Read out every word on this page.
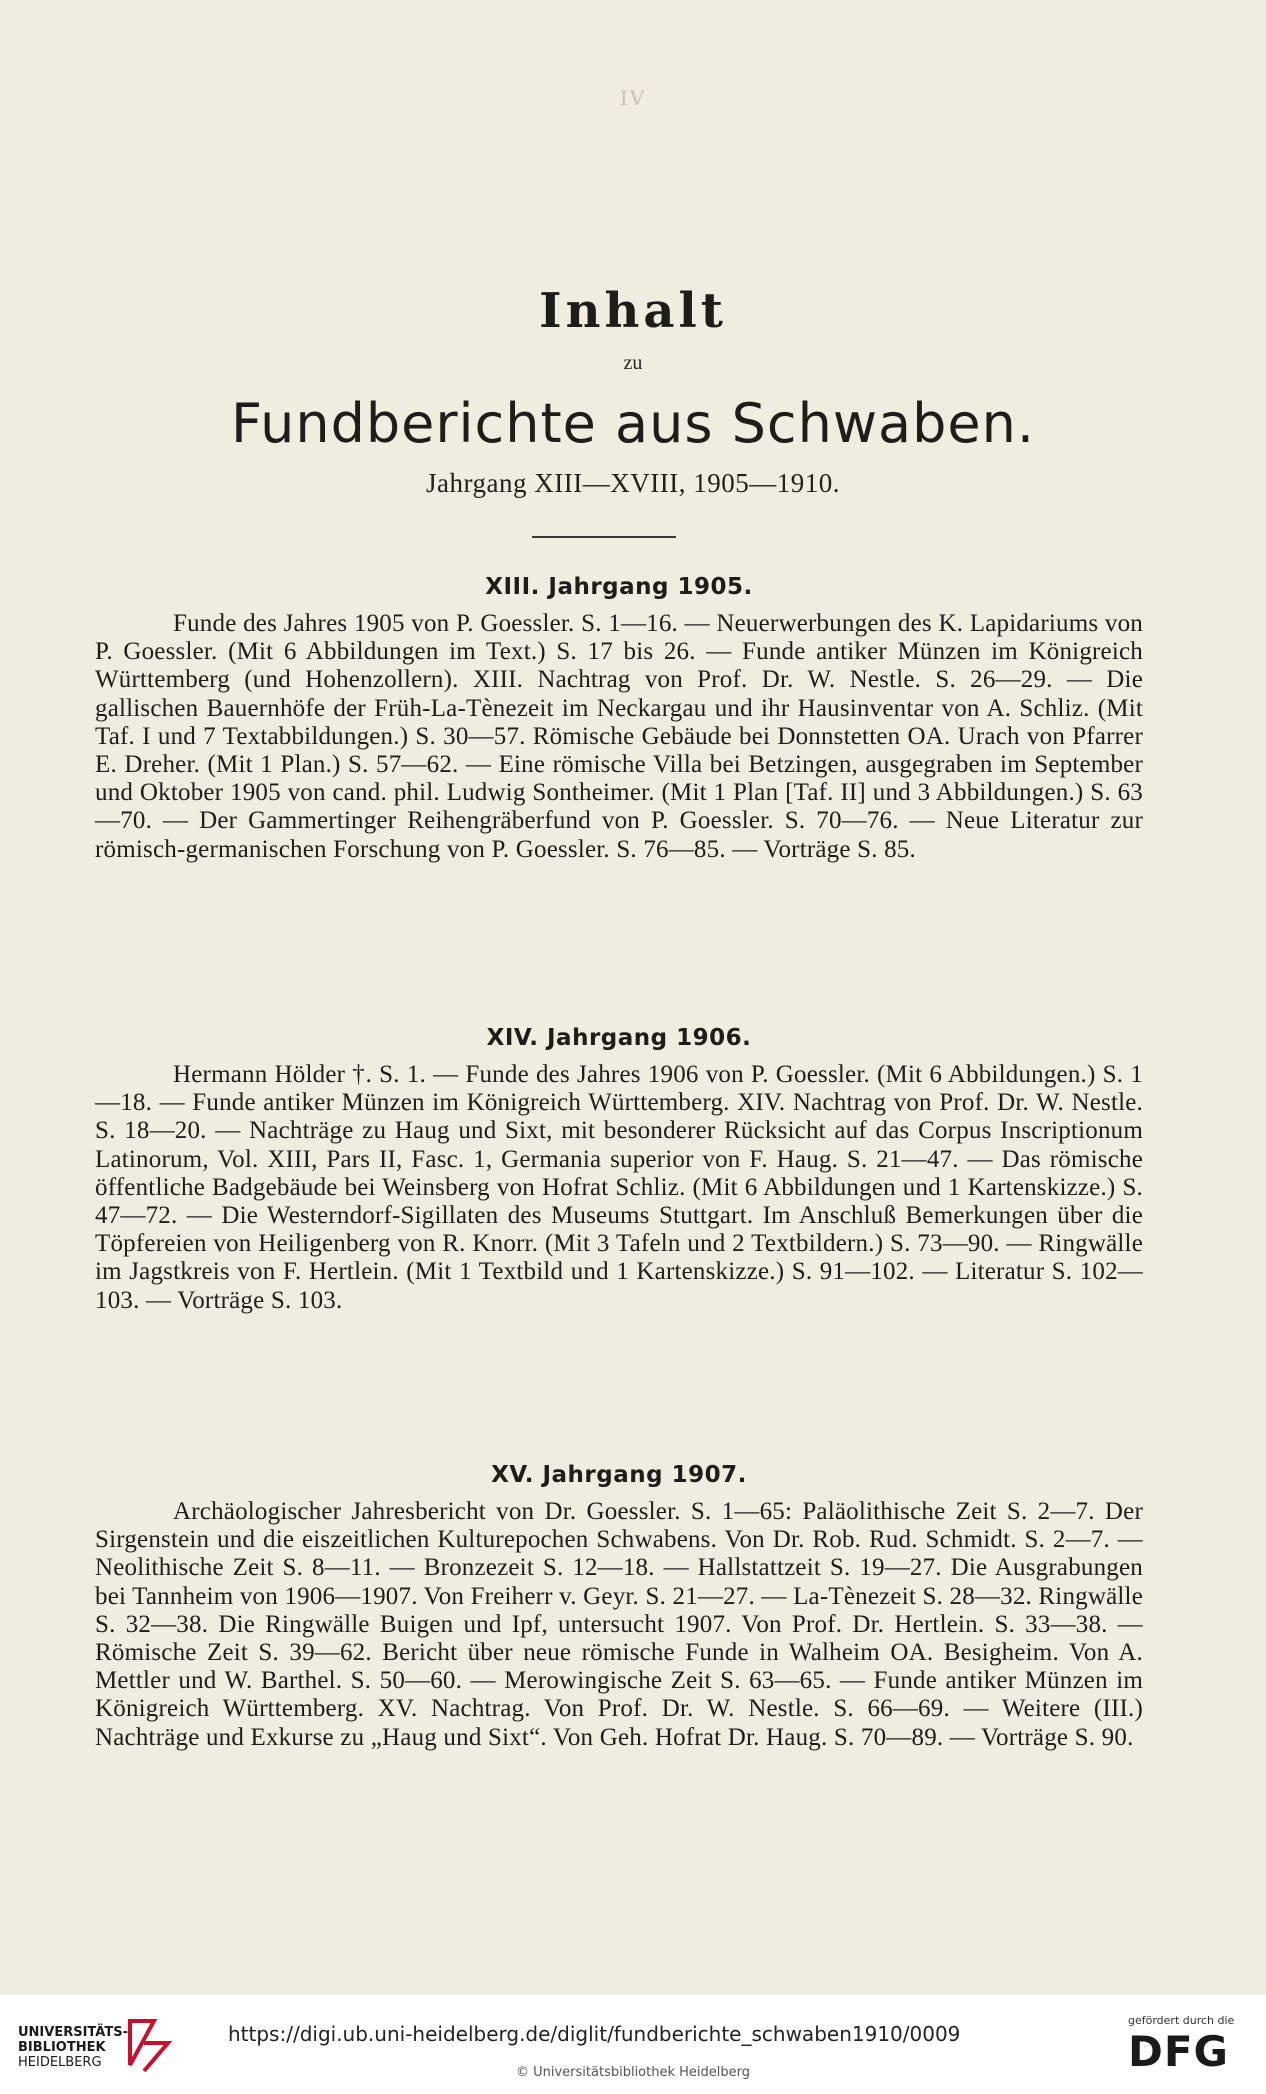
IV
Inhalt
zu
Fundberichte aus Schwaben.
Jahrgang XIII—XVIII, 1905—1910.
XIII. Jahrgang 1905.

Funde des Jahres 1905 von P. Goessler. S. 1—16. — Neuerwerbungen des K. Lapidariums von P. Goessler. (Mit 6 Abbildungen im Text.) S. 17 bis 26. — Funde antiker Münzen im Königreich Württemberg (und Hohenzollern). XIII. Nachtrag von Prof. Dr. W. Nestle. S. 26—29. — Die gallischen Bauernhöfe der Früh-La-Tènezeit im Neckargau und ihr Hausinventar von A. Schliz. (Mit Taf. I und 7 Textabbildungen.) S. 30—57. Römische Gebäude bei Donnstetten OA. Urach von Pfarrer E. Dreher. (Mit 1 Plan.) S. 57—62. — Eine römische Villa bei Betzingen, ausgegraben im September und Oktober 1905 von cand. phil. Ludwig Sontheimer. (Mit 1 Plan [Taf. II] und 3 Abbildungen.) S. 63—70. — Der Gammertinger Reihengräberfund von P. Goessler. S. 70—76. — Neue Literatur zur römisch-germanischen Forschung von P. Goessler. S. 76—85. — Vorträge S. 85.

XIV. Jahrgang 1906.

Hermann Hölder †. S. 1. — Funde des Jahres 1906 von P. Goessler. (Mit 6 Abbildungen.) S. 1—18. — Funde antiker Münzen im Königreich Württemberg. XIV. Nachtrag von Prof. Dr. W. Nestle. S. 18—20. — Nachträge zu Haug und Sixt, mit besonderer Rücksicht auf das Corpus Inscriptionum Latinorum, Vol. XIII, Pars II, Fasc. 1, Germania superior von F. Haug. S. 21—47. — Das römische öffentliche Badgebäude bei Weinsberg von Hofrat Schliz. (Mit 6 Abbildungen und 1 Kartenskizze.) S. 47—72. — Die Westerndorf-Sigillaten des Museums Stuttgart. Im Anschluß Bemerkungen über die Töpfereien von Heiligenberg von R. Knorr. (Mit 3 Tafeln und 2 Textbildern.) S. 73—90. — Ringwälle im Jagstkreis von F. Hertlein. (Mit 1 Textbild und 1 Kartenskizze.) S. 91—102. — Literatur S. 102—103. — Vorträge S. 103.

XV. Jahrgang 1907.

Archäologischer Jahresbericht von Dr. Goessler. S. 1—65: Paläolithische Zeit S. 2—7. Der Sirgenstein und die eiszeitlichen Kulturepochen Schwabens. Von Dr. Rob. Rud. Schmidt. S. 2—7. — Neolithische Zeit S. 8—11. — Bronzezeit S. 12—18. — Hallstattzeit S. 19—27. Die Ausgrabungen bei Tannheim von 1906—1907. Von Freiherr v. Geyr. S. 21—27. — La-Tènezeit S. 28—32. Ringwälle S. 32—38. Die Ringwälle Buigen und Ipf, untersucht 1907. Von Prof. Dr. Hertlein. S. 33—38. — Römische Zeit S. 39—62. Bericht über neue römische Funde in Walheim OA. Besigheim. Von A. Mettler und W. Barthel. S. 50—60. — Merowingische Zeit S. 63—65. — Funde antiker Münzen im Königreich Württemberg. XV. Nachtrag. Von Prof. Dr. W. Nestle. S. 66—69. — Weitere (III.) Nachträge und Exkurse zu „Haug und Sixt“. Von Geh. Hofrat Dr. Haug. S. 70—89. — Vorträge S. 90.

UNIVERSITÄTS-
BIBLIOTHEK
HEIDELBERG
https://digi.ub.uni-heidelberg.de/diglit/fundberichte_schwaben1910/0009
© Universitätsbibliothek Heidelberg
gefördert durch die
DFG
